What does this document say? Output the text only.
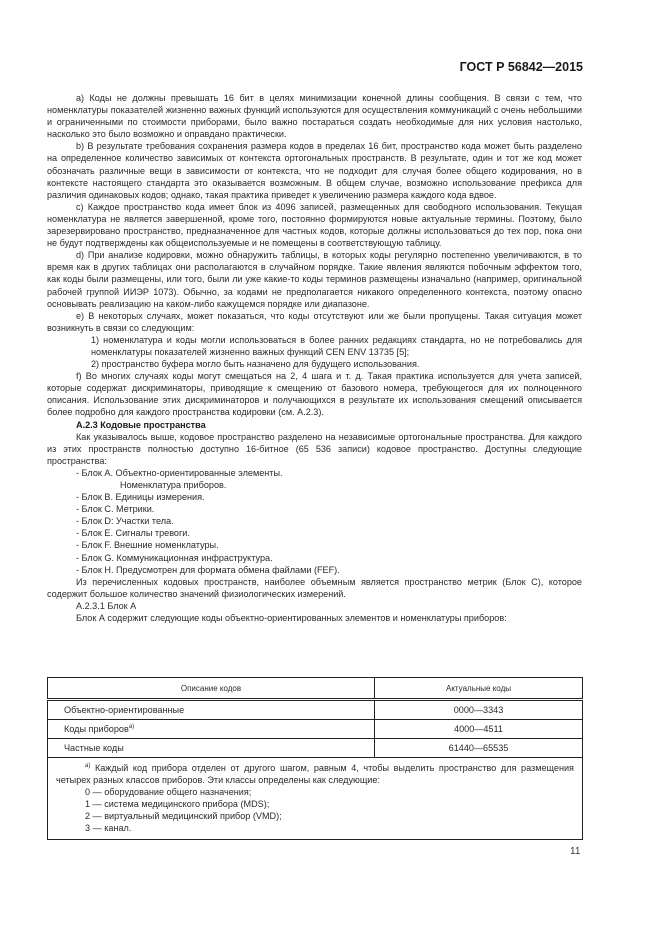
ГОСТ Р 56842—2015

а) Коды не должны превышать 16 бит в целях минимизации конечной длины сообщения. В связи с тем, что номенклатуры показателей жизненно важных функций используются для осуществления коммуникаций с очень небольшими и ограниченными по стоимости приборами, было важно постараться создать необходимые для них условия настолько, насколько это было возможно и оправдано практически.

b) В результате требования сохранения размера кодов в пределах 16 бит, пространство кода может быть разделено на определенное количество зависимых от контекста ортогональных пространств. В результате, один и тот же код может обозначать различные вещи в зависимости от контекста, что не подходит для случая более общего кодирования, но в контексте настоящего стандарта это оказывается возможным. В общем случае, возможно использование префикса для различия одинаковых кодов; однако, такая практика приведет к увеличению размера каждого кода вдвое.

с) Каждое пространство кода имеет блок из 4096 записей, размещенных для свободного использования. Текущая номенклатура не является завершенной, кроме того, постоянно формируются новые актуальные термины. Поэтому, было зарезервировано пространство, предназначенное для частных кодов, которые должны использоваться до тех пор, пока они не будут подтверждены как общеиспользуемые и не помещены в соответствующую таблицу.

d) При анализе кодировки, можно обнаружить таблицы, в которых коды регулярно постепенно увеличиваются, в то время как в других таблицах они располагаются в случайном порядке. Такие явления являются побочным эффектом того, как коды были размещены, или того, были ли уже какие-то коды терминов размещены изначально (например, оригинальной рабочей группой ИИЭР 1073). Обычно, за кодами не предполагается никакого определенного контекста, поэтому опасно основывать реализацию на каком-либо кажущемся порядке или диапазоне.

е) В некоторых случаях, может показаться, что коды отсутствуют или же были пропущены. Такая ситуация может возникнуть в связи со следующим:

1) номенклатура и коды могли использоваться в более ранних редакциях стандарта, но не потребовались для номенклатуры показателей жизненно важных функций CEN ENV 13735 [5];

2) пространство буфера могло быть назначено для будущего использования.

f) Во многих случаях коды могут смещаться на 2, 4 шага и т. д. Такая практика используется для учета записей, которые содержат дискриминаторы, приводящие к смещению от базового номера, требующегося для их полноценного описания. Использование этих дискриминаторов и получающихся в результате их использования смещений описывается более подробно для каждого пространства кодировки (см. А.2.3).

А.2.3 Кодовые пространства

Как указывалось выше, кодовое пространство разделено на независимые ортогональные пространства. Для каждого из этих пространств полностью доступно 16-битное (65 536 записи) кодовое пространство. Доступны следующие пространства:

- Блок А. Объектно-ориентированные элементы.

Номенклатура приборов.

- Блок В. Единицы измерения.

- Блок С. Метрики.

- Блок D: Участки тела.

- Блок Е. Сигналы тревоги.

- Блок F. Внешние номенклатуры.

- Блок G. Коммуникационная инфраструктура.

- Блок Н. Предусмотрен для формата обмена файлами (FEF).

Из перечисленных кодовых пространств, наиболее объемным является пространство метрик (Блок С), которое содержит большое количество значений физиологических измерений.

А.2.3.1 Блок А

Блок А содержит следующие коды объектно-ориентированных элементов и номенклатуры приборов:

Описание кодов	Актуальные коды
Объектно-ориентированные	0000—3343
Коды приборов$^{а)}$	4000—4511
Частные коды	61440—65535

$^{а)}$ Каждый код прибора отделен от другого шагом, равным 4, чтобы выделить пространство для размещения четырех разных классов приборов. Эти классы определены как следующие:

0 — оборудование общего назначения;

1 — система медицинского прибора (MDS);

2 — виртуальный медицинский прибор (VMD);

3 — канал.	

11
